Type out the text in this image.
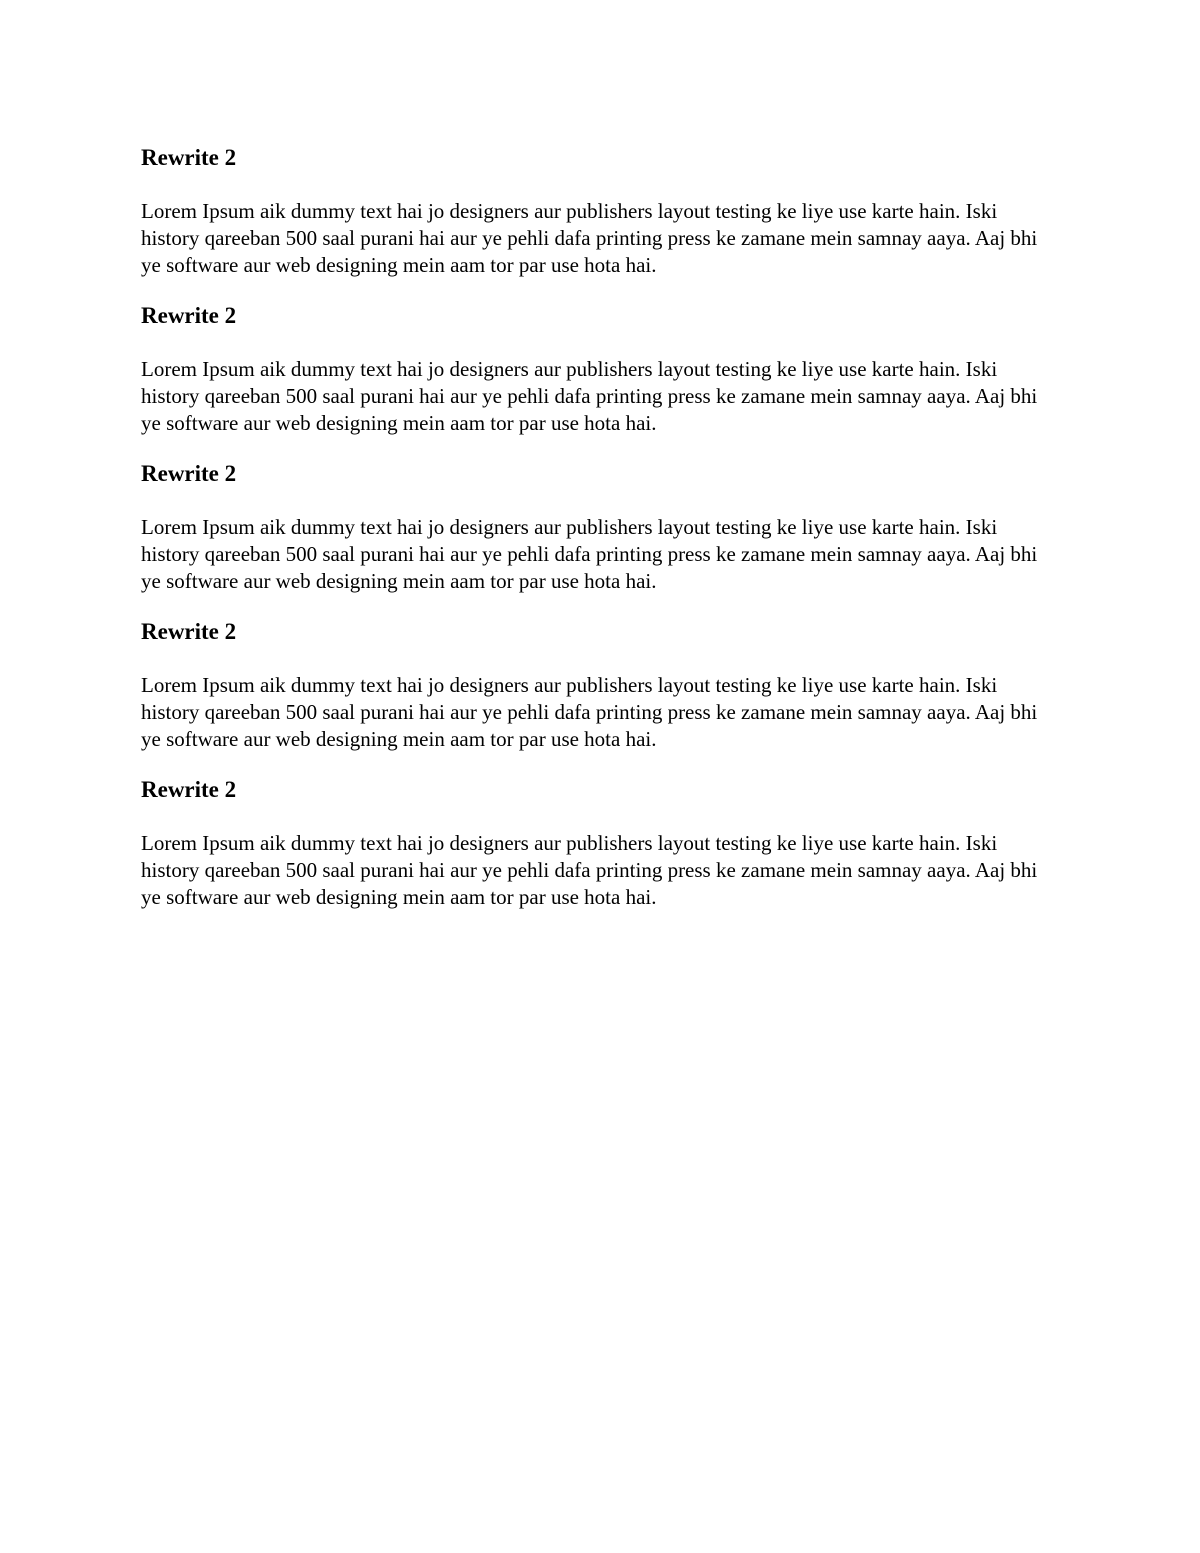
Rewrite 2

Lorem Ipsum aik dummy text hai jo designers aur publishers layout testing ke liye use karte hain. Iski history qareeban 500 saal purani hai aur ye pehli dafa printing press ke zamane mein samnay aaya. Aaj bhi ye software aur web designing mein aam tor par use hota hai.

Rewrite 2

Lorem Ipsum aik dummy text hai jo designers aur publishers layout testing ke liye use karte hain. Iski history qareeban 500 saal purani hai aur ye pehli dafa printing press ke zamane mein samnay aaya. Aaj bhi ye software aur web designing mein aam tor par use hota hai.

Rewrite 2

Lorem Ipsum aik dummy text hai jo designers aur publishers layout testing ke liye use karte hain. Iski history qareeban 500 saal purani hai aur ye pehli dafa printing press ke zamane mein samnay aaya. Aaj bhi ye software aur web designing mein aam tor par use hota hai.

Rewrite 2

Lorem Ipsum aik dummy text hai jo designers aur publishers layout testing ke liye use karte hain. Iski history qareeban 500 saal purani hai aur ye pehli dafa printing press ke zamane mein samnay aaya. Aaj bhi ye software aur web designing mein aam tor par use hota hai.

Rewrite 2

Lorem Ipsum aik dummy text hai jo designers aur publishers layout testing ke liye use karte hain. Iski history qareeban 500 saal purani hai aur ye pehli dafa printing press ke zamane mein samnay aaya. Aaj bhi ye software aur web designing mein aam tor par use hota hai.
